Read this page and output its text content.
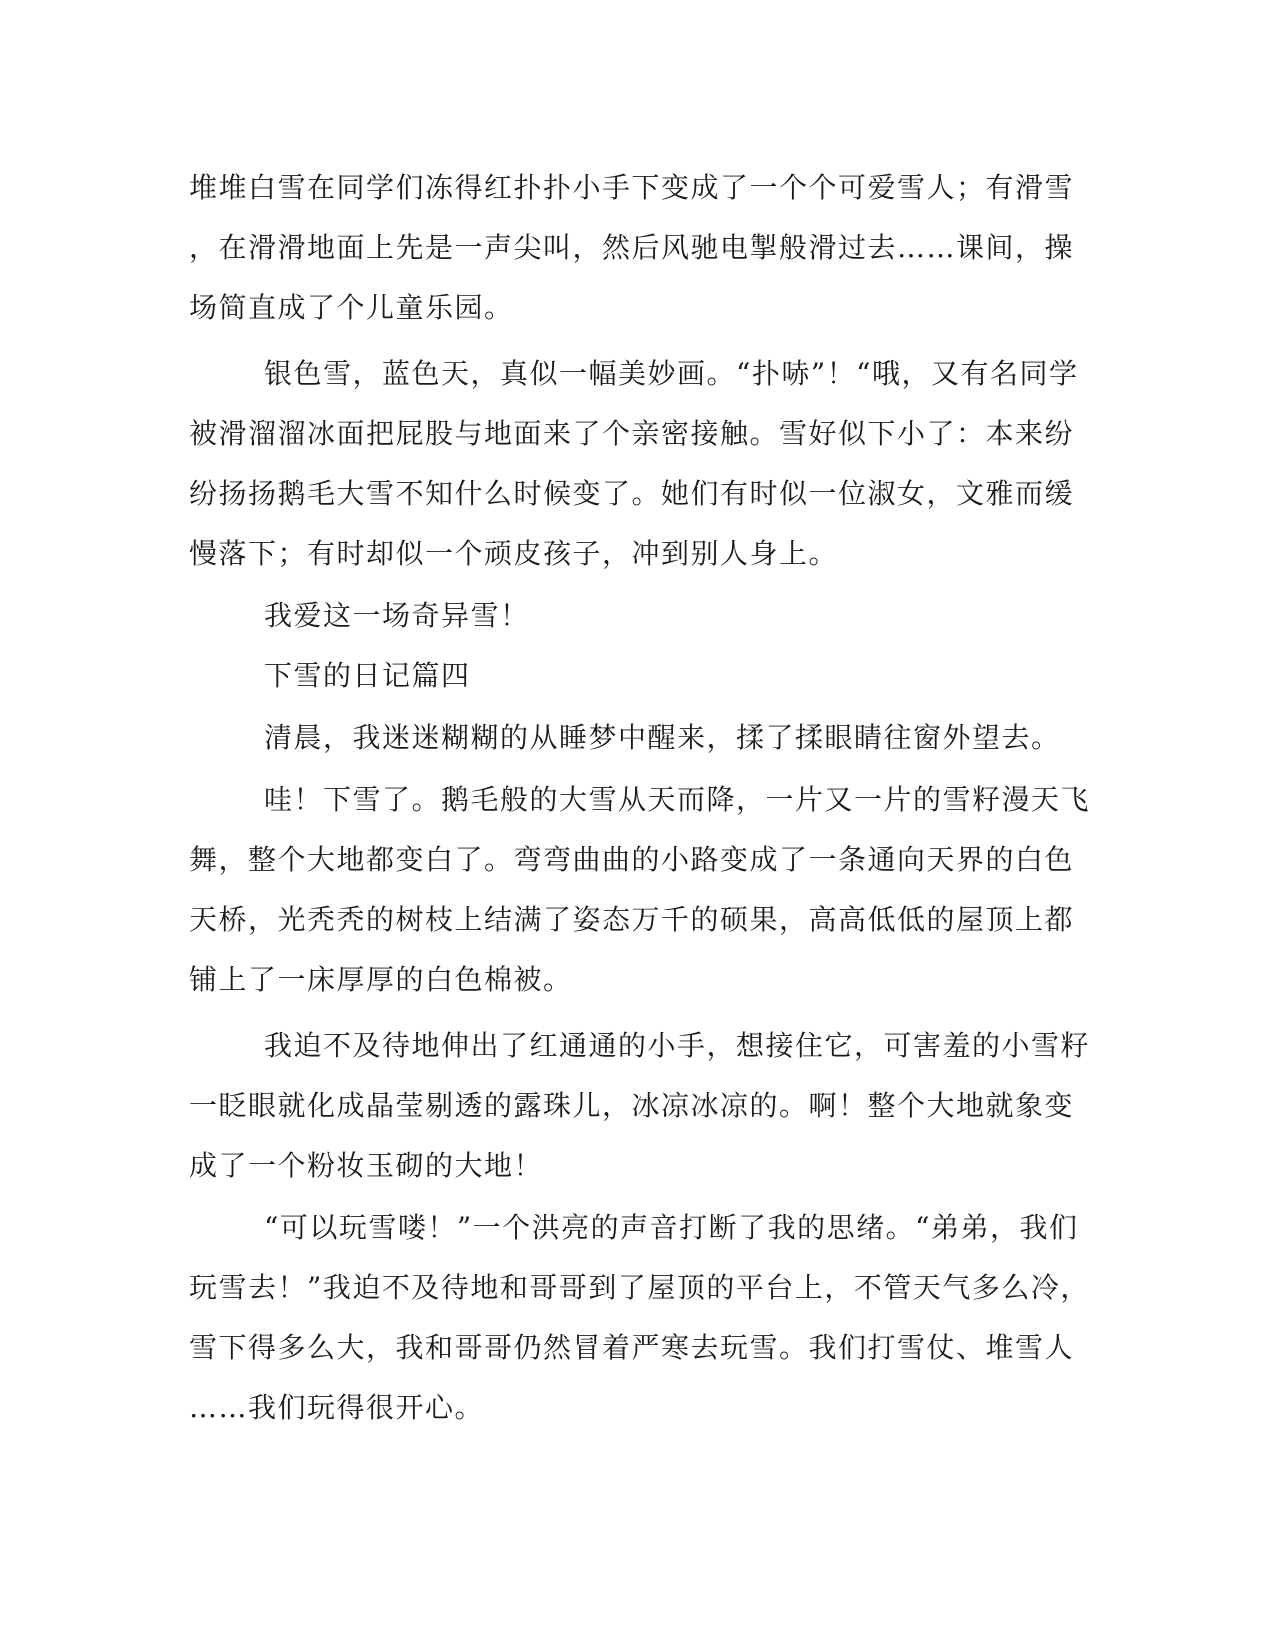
堆堆白雪在同学们冻得红扑扑小手下变成了一个个可爱雪人；有滑雪

，在滑滑地面上先是一声尖叫，然后风驰电掣般滑过去……课间，操

场简直成了个儿童乐园。

银色雪，蓝色天，真似一幅美妙画。“扑哧”！“哦，又有名同学

被滑溜溜冰面把屁股与地面来了个亲密接触。雪好似下小了：本来纷

纷扬扬鹅毛大雪不知什么时候变了。她们有时似一位淑女，文雅而缓

慢落下；有时却似一个顽皮孩子，冲到别人身上。

我爱这一场奇异雪！

下雪的日记篇四

清晨，我迷迷糊糊的从睡梦中醒来，揉了揉眼睛往窗外望去。

哇！下雪了。鹅毛般的大雪从天而降，一片又一片的雪籽漫天飞

舞，整个大地都变白了。弯弯曲曲的小路变成了一条通向天界的白色

天桥，光秃秃的树枝上结满了姿态万千的硕果，高高低低的屋顶上都

铺上了一床厚厚的白色棉被。

我迫不及待地伸出了红通通的小手，想接住它，可害羞的小雪籽

一眨眼就化成晶莹剔透的露珠儿，冰凉冰凉的。啊！整个大地就象变

成了一个粉妆玉砌的大地！

“可以玩雪喽！”一个洪亮的声音打断了我的思绪。“弟弟，我们

玩雪去！”我迫不及待地和哥哥到了屋顶的平台上，不管天气多么冷，

雪下得多么大，我和哥哥仍然冒着严寒去玩雪。我们打雪仗、堆雪人

……我们玩得很开心。
